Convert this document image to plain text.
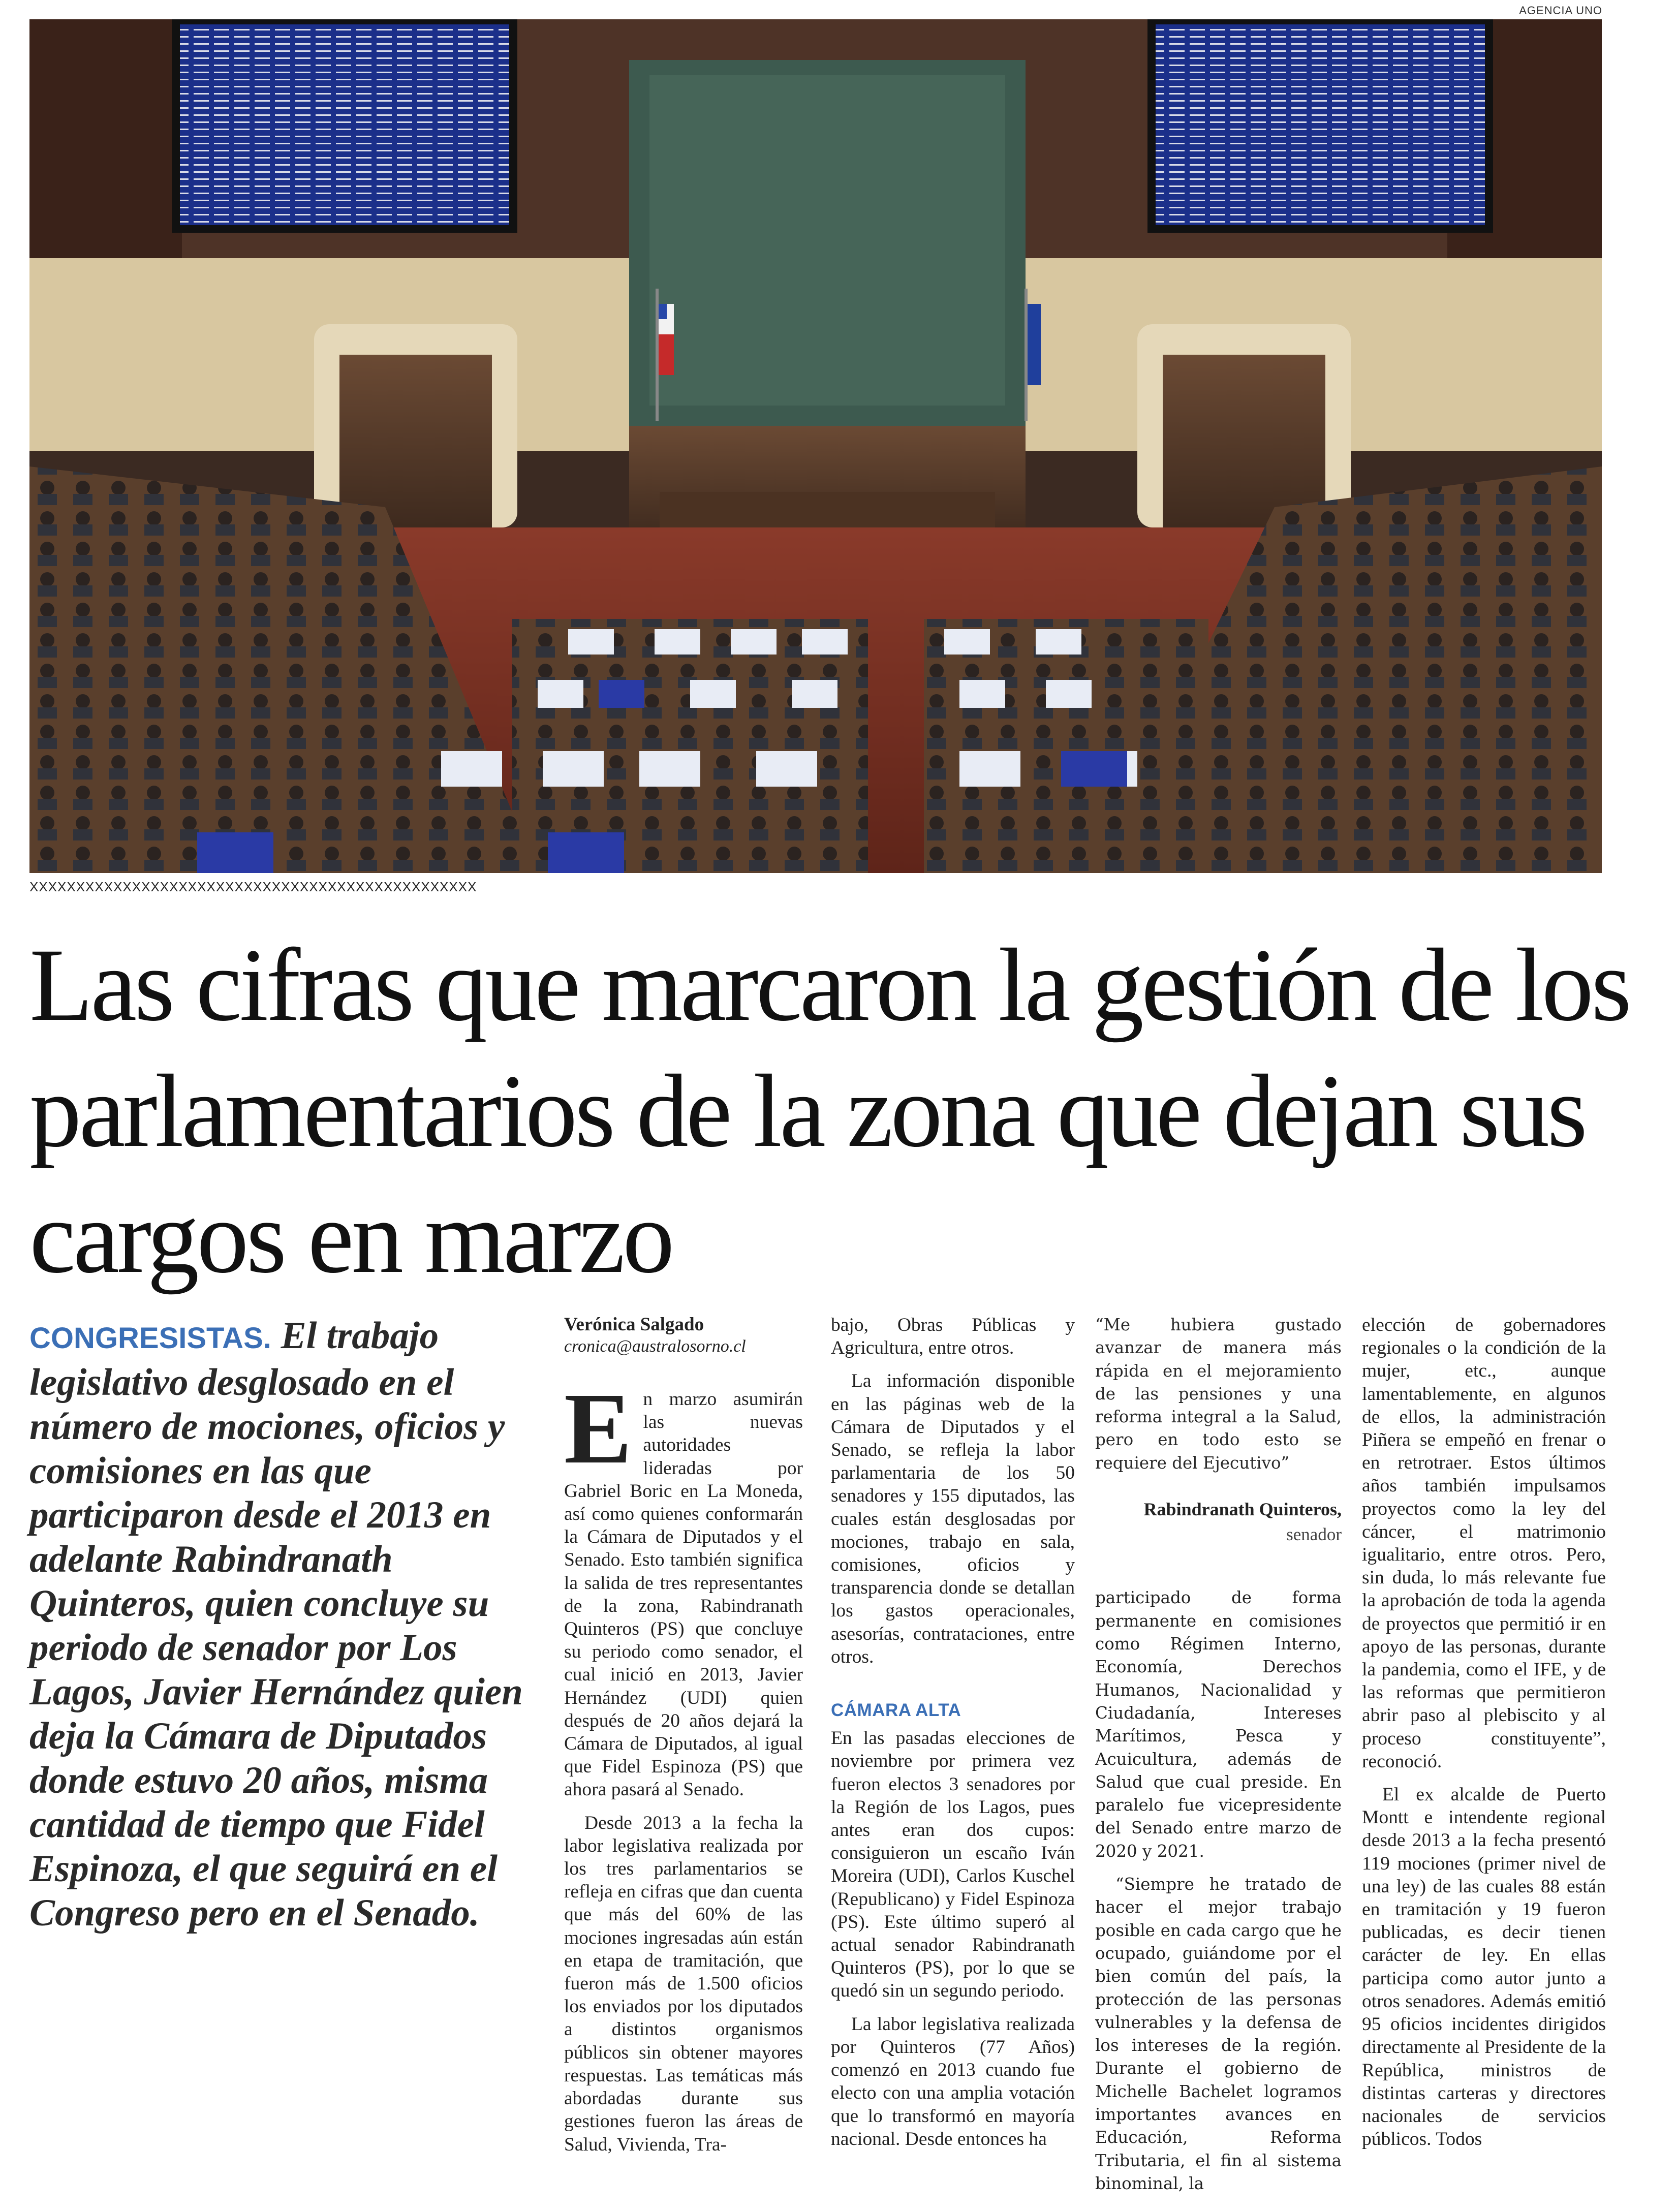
AGENCIA UNO
XXXXXXXXXXXXXXXXXXXXXXXXXXXXXXXXXXXXXXXXXXXXXXXX
Las cifras que marcaron la gestión de los parlamentarios de la zona que dejan sus cargos en marzo

CONGRESISTAS. El trabajo legislativo desglosado en el número de mociones, oficios y comisiones en las que participaron desde el 2013 en adelante Rabindranath Quinteros, quien concluye su periodo de senador por Los Lagos, Javier Hernández quien deja la Cámara de Diputados donde estuvo 20 años, misma cantidad de tiempo que Fidel Espinoza, el que seguirá en el Congreso pero en el Senado.

Verónica Salgado
cronica@australosorno.cl
E n marzo asumirán las nuevas autoridades lideradas por Gabriel Boric en La Moneda, así como quienes conformarán la Cámara de Diputados y el Senado. Esto también significa la salida de tres representantes de la zona, Rabindranath Quinteros (PS) que concluye su periodo como senador, el cual inició en 2013, Javier Hernández (UDI) quien después de 20 años dejará la Cámara de Diputados, al igual que Fidel Espinoza (PS) que ahora pasará al Senado.

Desde 2013 a la fecha la labor legislativa realizada por los tres parlamentarios se refleja en cifras que dan cuenta que más del 60% de las mociones ingresadas aún están en etapa de tramitación, que fueron más de 1.500 oficios los enviados por los diputados a distintos organismos públicos sin obtener mayores respuestas. Las temáticas más abordadas durante sus gestiones fueron las áreas de Salud, Vivienda, Tra-

bajo, Obras Públicas y Agricultura, entre otros.

La información disponible en las páginas web de la Cámara de Diputados y el Senado, se refleja la labor parlamentaria de los 50 senadores y 155 diputados, las cuales están desglosadas por mociones, trabajo en sala, comisiones, oficios y transparencia donde se detallan los gastos operacionales, asesorías, contrataciones, entre otros.

CÁMARA ALTA

En las pasadas elecciones de noviembre por primera vez fueron electos 3 senadores por la Región de los Lagos, pues antes eran dos cupos: consiguieron un escaño Iván Moreira (UDI), Carlos Kuschel (Republicano) y Fidel Espinoza (PS). Este último superó al actual senador Rabindranath Quinteros (PS), por lo que se quedó sin un segundo periodo.

La labor legislativa realizada por Quinteros (77 Años) comenzó en 2013 cuando fue electo con una amplia votación que lo transformó en mayoría nacional. Desde entonces ha

“Me hubiera gustado avanzar de manera más rápida en el mejoramiento de las pensiones y una reforma integral a la Salud, pero en todo esto se requiere del Ejecutivo”

Rabindranath Quinteros,
senador

participado de forma permanente en comisiones como Régimen Interno, Economía, Derechos Humanos, Nacionalidad y Ciudadanía, Intereses Marítimos, Pesca y Acuicultura, además de Salud que cual preside. En paralelo fue vicepresidente del Senado entre marzo de 2020 y 2021.

“Siempre he tratado de hacer el mejor trabajo posible en cada cargo que he ocupado, guiándome por el bien común del país, la protección de las personas vulnerables y la defensa de los intereses de la región. Durante el gobierno de Michelle Bachelet logramos importantes avances en Educación, Reforma Tributaria, el fin al sistema binominal, la

elección de gobernadores regionales o la condición de la mujer, etc., aunque lamentablemente, en algunos de ellos, la administración Piñera se empeñó en frenar o en retrotraer. Estos últimos años también impulsamos proyectos como la ley del cáncer, el matrimonio igualitario, entre otros. Pero, sin duda, lo más relevante fue la aprobación de toda la agenda de proyectos que permitió ir en apoyo de las personas, durante la pandemia, como el IFE, y de las reformas que permitieron abrir paso al plebiscito y al proceso constituyente”, reconoció.

El ex alcalde de Puerto Montt e intendente regional desde 2013 a la fecha presentó 119 mociones (primer nivel de una ley) de las cuales 88 están en tramitación y 19 fueron publicadas, es decir tienen carácter de ley. En ellas participa como autor junto a otros senadores. Además emitió 95 oficios incidentes dirigidos directamente al Presidente de la República, ministros de distintas carteras y directores nacionales de servicios públicos. Todos
